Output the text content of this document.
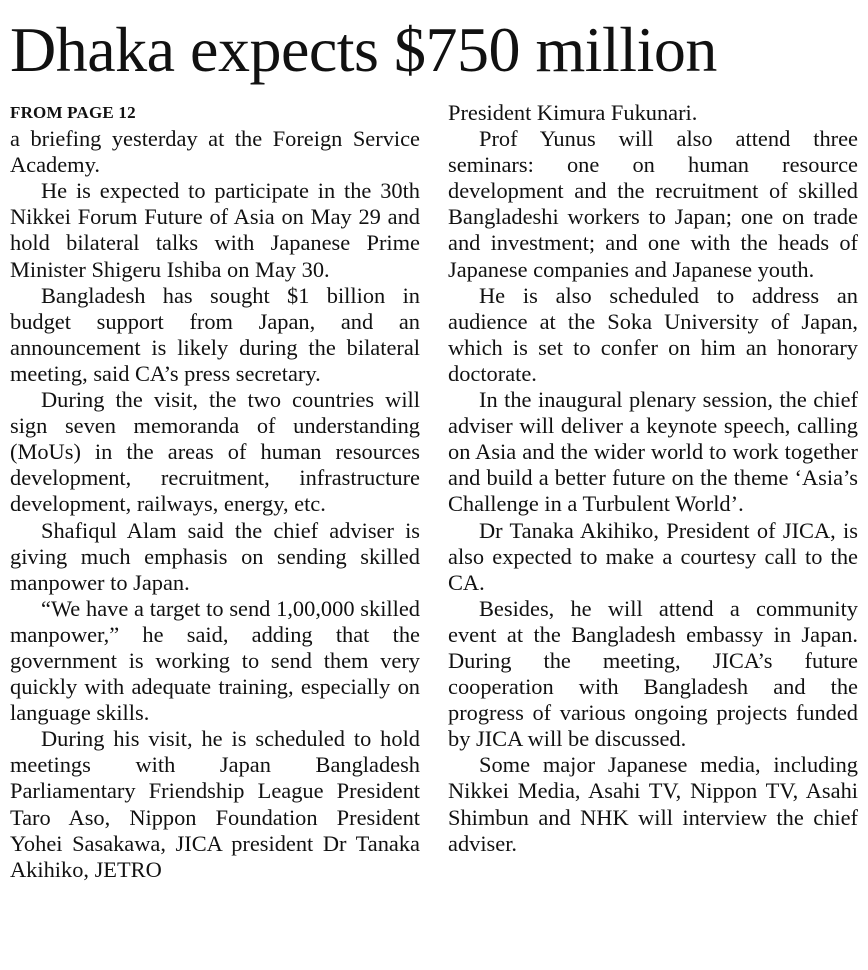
Dhaka expects $750 million
FROM PAGE 12

a briefing yesterday at the Foreign Service Academy.

He is expected to participate in the 30th Nikkei Forum Future of Asia on May 29 and hold bilateral talks with Japanese Prime Minister Shigeru Ishiba on May 30.

Bangladesh has sought $1 billion in budget support from Japan, and an announcement is likely during the bilateral meeting, said CA’s press secretary.

During the visit, the two countries will sign seven memoranda of understanding (MoUs) in the areas of human resources development, recruitment, infrastructure development, railways, energy, etc.

Shafiqul Alam said the chief adviser is giving much emphasis on sending skilled manpower to Japan.

“We have a target to send 1,00,000 skilled manpower,” he said, adding that the government is working to send them very quickly with adequate training, especially on language skills.

During his visit, he is scheduled to hold meetings with Japan Bangladesh Parliamentary Friendship League President Taro Aso, Nippon Foundation President Yohei Sasakawa, JICA president Dr Tanaka Akihiko, JETRO

President Kimura Fukunari.

Prof Yunus will also attend three seminars: one on human resource development and the recruitment of skilled Bangladeshi workers to Japan; one on trade and investment; and one with the heads of Japanese companies and Japanese youth.

He is also scheduled to address an audience at the Soka University of Japan, which is set to confer on him an honorary doctorate.

In the inaugural plenary session, the chief adviser will deliver a keynote speech, calling on Asia and the wider world to work together and build a better future on the theme ‘Asia’s Challenge in a Turbulent World’.

Dr Tanaka Akihiko, President of JICA, is also expected to make a courtesy call to the CA.

Besides, he will attend a community event at the Bangladesh embassy in Japan. During the meeting, JICA’s future cooperation with Bangladesh and the progress of various ongoing projects funded by JICA will be discussed.

Some major Japanese media, including Nikkei Media, Asahi TV, Nippon TV, Asahi Shimbun and NHK will interview the chief adviser.
